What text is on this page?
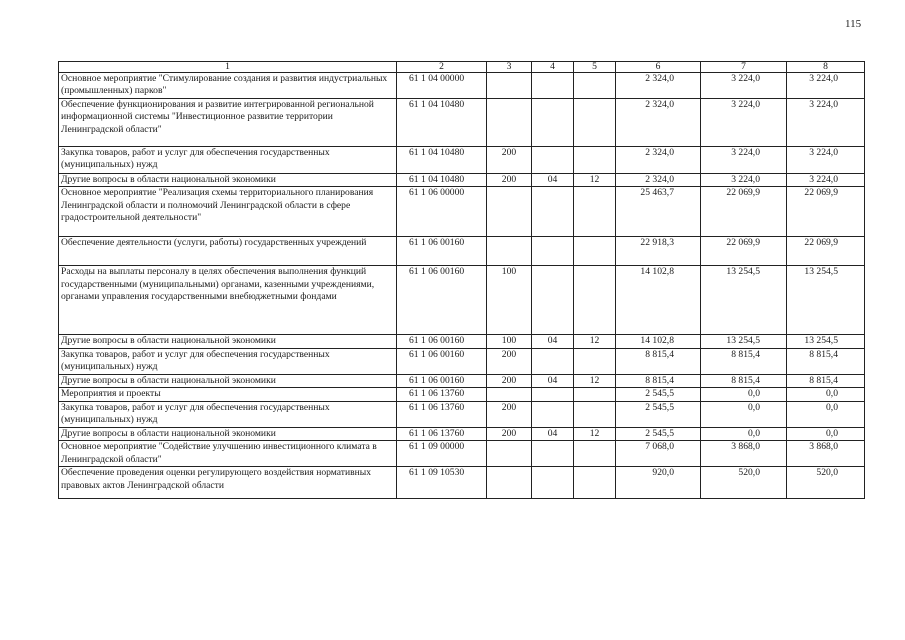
115
1	2	3	4	5	6	7	8
Основное мероприятие "Стимулирование создания и развития индустриальных (промышленных) парков"	61 1 04 00000				2 324,0	3 224,0	3 224,0
Обеспечение функционирования и развитие интегрированной региональной информационной системы "Инвестиционное развитие территории Ленинградской области"	61 1 04 10480				2 324,0	3 224,0	3 224,0
Закупка товаров, работ и услуг для обеспечения государственных (муниципальных) нужд	61 1 04 10480	200			2 324,0	3 224,0	3 224,0
Другие вопросы в области национальной экономики	61 1 04 10480	200	04	12	2 324,0	3 224,0	3 224,0
Основное мероприятие "Реализация схемы территориального планирования Ленинградской области и полномочий Ленинградской области в сфере градостроительной деятельности"	61 1 06 00000				25 463,7	22 069,9	22 069,9
Обеспечение деятельности (услуги, работы) государственных учреждений	61 1 06 00160				22 918,3	22 069,9	22 069,9
Расходы на выплаты персоналу в целях обеспечения выполнения функций государственными (муниципальными) органами, казенными учреждениями, органами управления государственными внебюджетными фондами	61 1 06 00160	100			14 102,8	13 254,5	13 254,5
Другие вопросы в области национальной экономики	61 1 06 00160	100	04	12	14 102,8	13 254,5	13 254,5
Закупка товаров, работ и услуг для обеспечения государственных (муниципальных) нужд	61 1 06 00160	200			8 815,4	8 815,4	8 815,4
Другие вопросы в области национальной экономики	61 1 06 00160	200	04	12	8 815,4	8 815,4	8 815,4
Мероприятия и проекты	61 1 06 13760				2 545,5	0,0	0,0
Закупка товаров, работ и услуг для обеспечения государственных (муниципальных) нужд	61 1 06 13760	200			2 545,5	0,0	0,0
Другие вопросы в области национальной экономики	61 1 06 13760	200	04	12	2 545,5	0,0	0,0
Основное мероприятие "Содействие улучшению инвестиционного климата в Ленинградской области"	61 1 09 00000				7 068,0	3 868,0	3 868,0
Обеспечение проведения оценки регулирующего воздействия нормативных правовых актов Ленинградской области	61 1 09 10530				920,0	520,0	520,0
